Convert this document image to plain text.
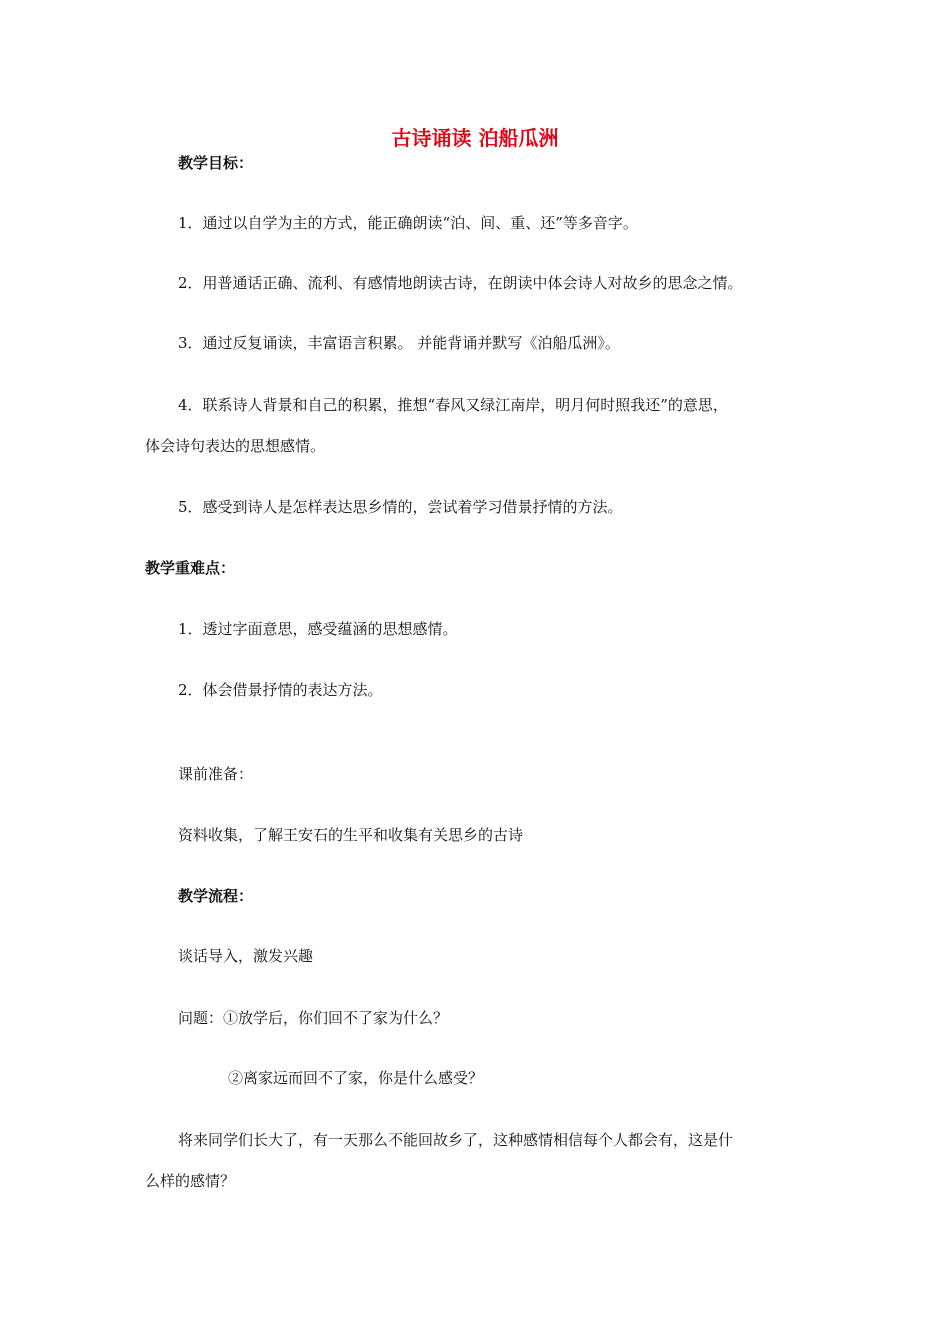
古诗诵读 泊船瓜洲
教学目标：
1．通过以自学为主的方式，能正确朗读“泊、间、重、还”等多音字。
2．用普通话正确、流利、有感情地朗读古诗，在朗读中体会诗人对故乡的思念之情。
3．通过反复诵读，丰富语言积累。 并能背诵并默写《泊船瓜洲》。
4．联系诗人背景和自己的积累，推想“春风又绿江南岸，明月何时照我还”的意思，
体会诗句表达的思想感情。
5．感受到诗人是怎样表达思乡情的，尝试着学习借景抒情的方法。
教学重难点：
1．透过字面意思，感受蕴涵的思想感情。
2．体会借景抒情的表达方法。
课前准备：
资料收集，了解王安石的生平和收集有关思乡的古诗
教学流程：
谈话导入，激发兴趣
问题：①放学后，你们回不了家为什么？
②离家远而回不了家，你是什么感受？
将来同学们长大了，有一天那么不能回故乡了，这种感情相信每个人都会有，这是什
么样的感情？
